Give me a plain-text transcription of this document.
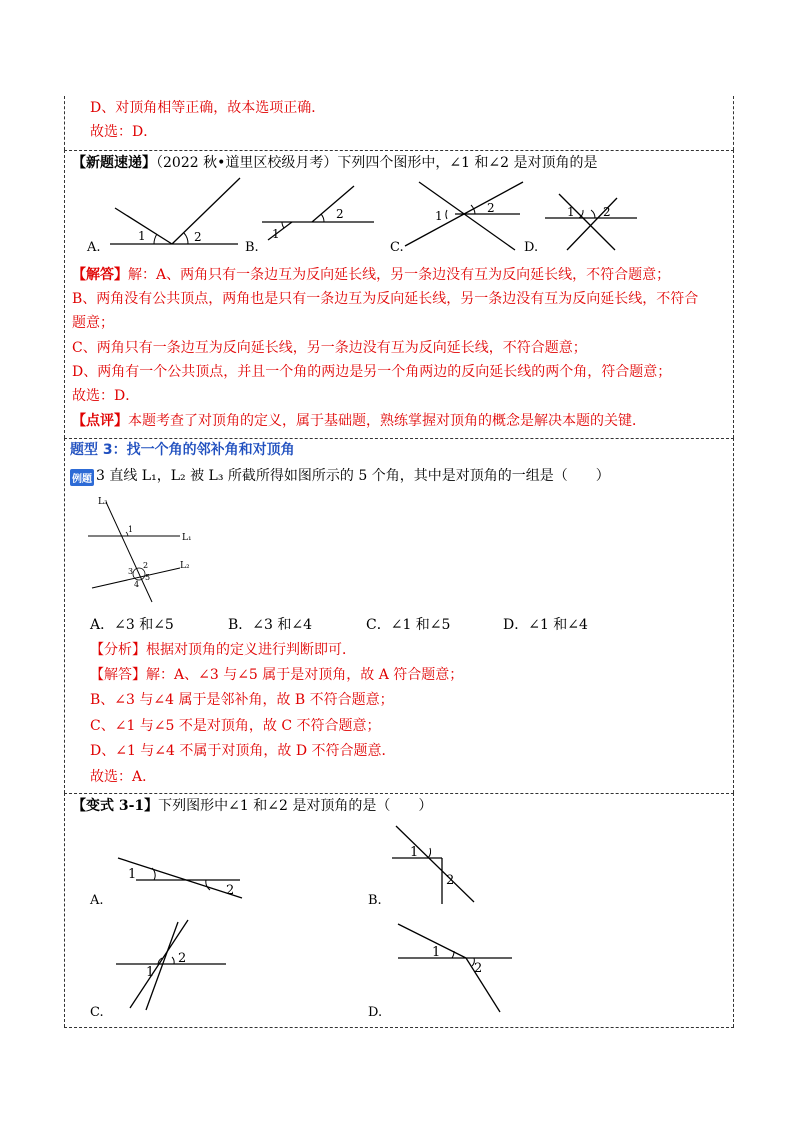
D、对顶角相等正确，故本选项正确．
故选：D．
【新题速递】（2022 秋•道里区校级月考）下列四个图形中，∠1 和∠2 是对顶角的是
1	2
A.
1
2
B.
1
2
C.
1 2
D.
【解答】解：A、两角只有一条边互为反向延长线，另一条边没有互为反向延长线，不符合题意；
B、两角没有公共顶点，两角也是只有一条边互为反向延长线，另一条边没有互为反向延长线，不符合
题意；
C、两角只有一条边互为反向延长线，另一条边没有互为反向延长线，不符合题意；
D、两角有一个公共顶点，并且一个角的两边是另一个角两边的反向延长线的两个角，符合题意；
故选：D．
【点评】本题考查了对顶角的定义，属于基础题，熟练掌握对顶角的概念是解决本题的关键．
题型 3：找一个角的邻补角和对顶角
例题 3 直线 L₁，L₂ 被 L₃ 所截所得如图所示的 5 个角，其中是对顶角的一组是（　　）
L₃
L₁
L₂
1
2
3
4
5
A．∠3 和∠5	B．∠3 和∠4	C．∠1 和∠5	D．∠1 和∠4
【分析】根据对顶角的定义进行判断即可．
【解答】解：A、∠3 与∠5 属于是对顶角，故 A 符合题意；
B、∠3 与∠4 属于是邻补角，故 B 不符合题意；
C、∠1 与∠5 不是对顶角，故 C 不符合题意；
D、∠1 与∠4 不属于对顶角，故 D 不符合题意．
故选：A．
【变式 3-1】下列图形中∠1 和∠2 是对顶角的是（　　）
1
2
A.
1
2
B.
1
2
C.
1
2
D.
